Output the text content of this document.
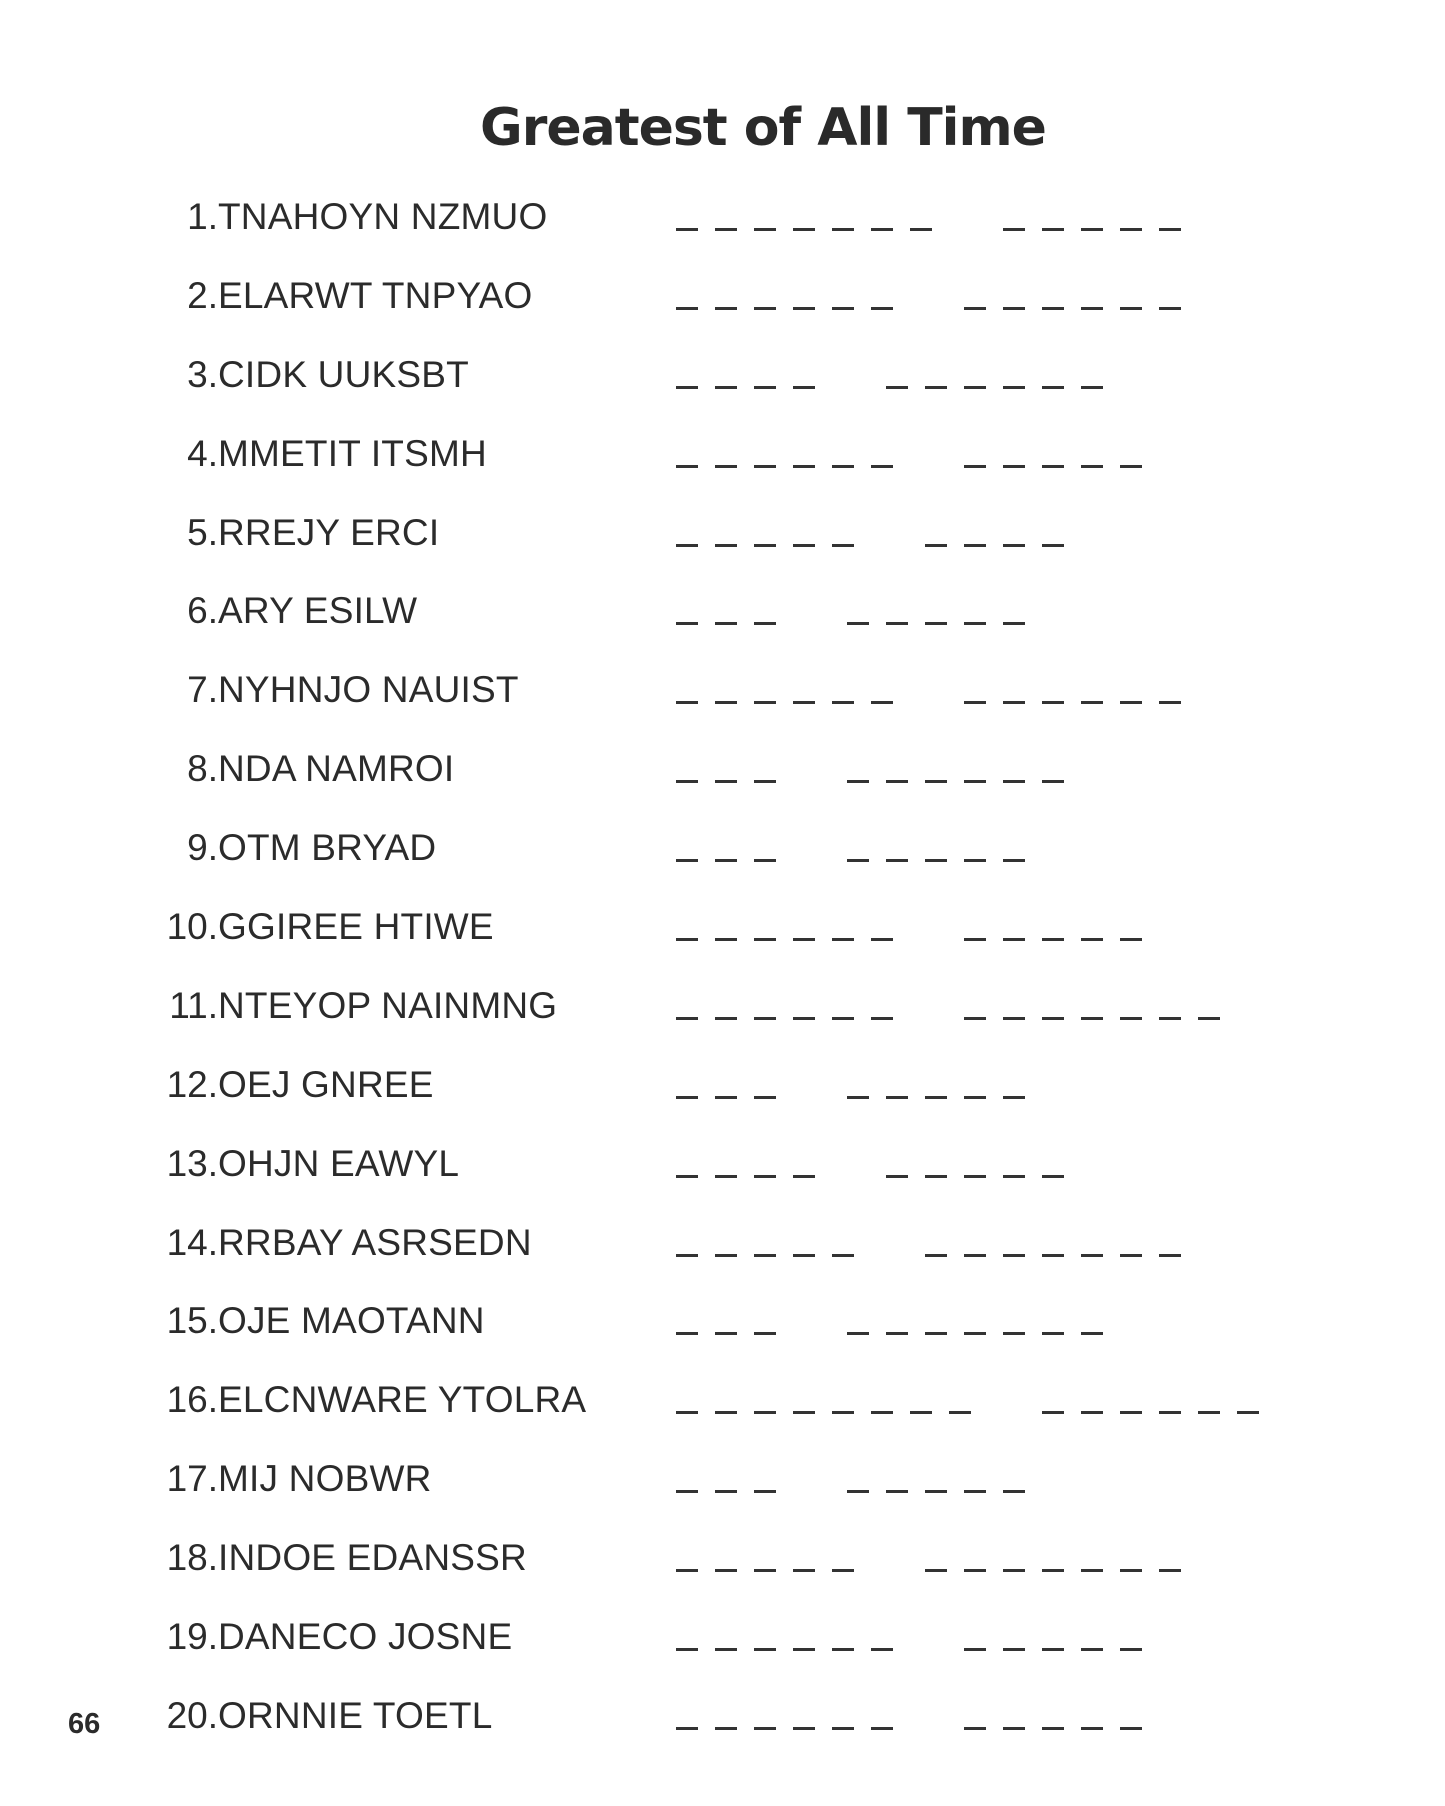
Greatest of All Time
1. TNAHOYN NZMUO
2. ELARWT TNPYAO
3. CIDK UUKSBT
4. MMETIT ITSMH
5. RREJY ERCI
6. ARY ESILW
7. NYHNJO NAUIST
8. NDA NAMROI
9. OTM BRYAD
10. GGIREE HTIWE
11. NTEYOP NAINMNG
12. OEJ GNREE
13. OHJN EAWYL
14. RRBAY ASRSEDN
15. OJE MAOTANN
16. ELCNWARE YTOLRA
17. MIJ NOBWR
18. INDOE EDANSSR
19. DANECO JOSNE
20. ORNNIE TOETL
66
